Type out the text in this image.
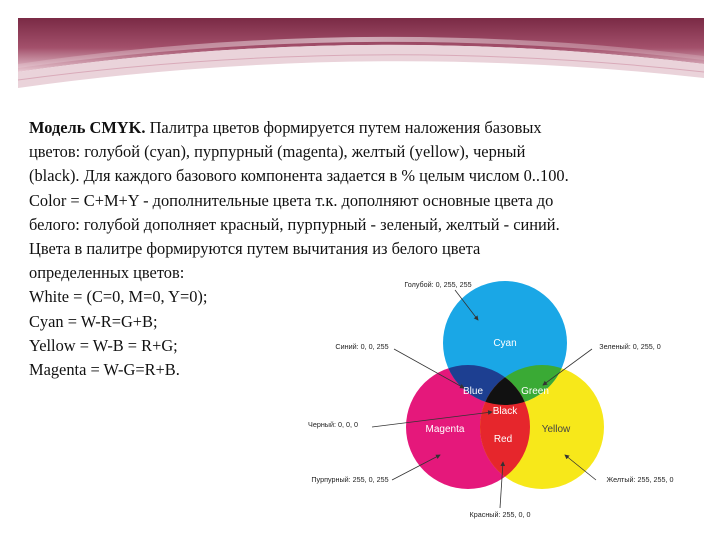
Модель CMYK. Палитра цветов формируется путем наложения базовых
цветов: голубой (cyan), пурпурный (magenta), желтый (yellow), черный
(black). Для каждого базового компонента задается в % целым числом 0..100.
Color = C+M+Y - дополнительные цвета т.к. дополняют основные цвета до
белого: голубой дополняет красный, пурпурный - зеленый, желтый - синий.
Цвета в палитре формируются путем вычитания из белого цвета
определенных цветов:
White = (C=0, M=0, Y=0);
Cyan = W-R=G+B;
Yellow = W-B = R+G;
Magenta = W-G=R+B.
Cyan
Magenta	Yellow
Blue	Green
Red
Black
Голубой: 0, 255, 255
Синий: 0, 0, 255	Зеленый: 0, 255, 0
Черный: 0, 0, 0
Пурпурный: 255, 0, 255	Желтый: 255, 255, 0
Красный: 255, 0, 0
